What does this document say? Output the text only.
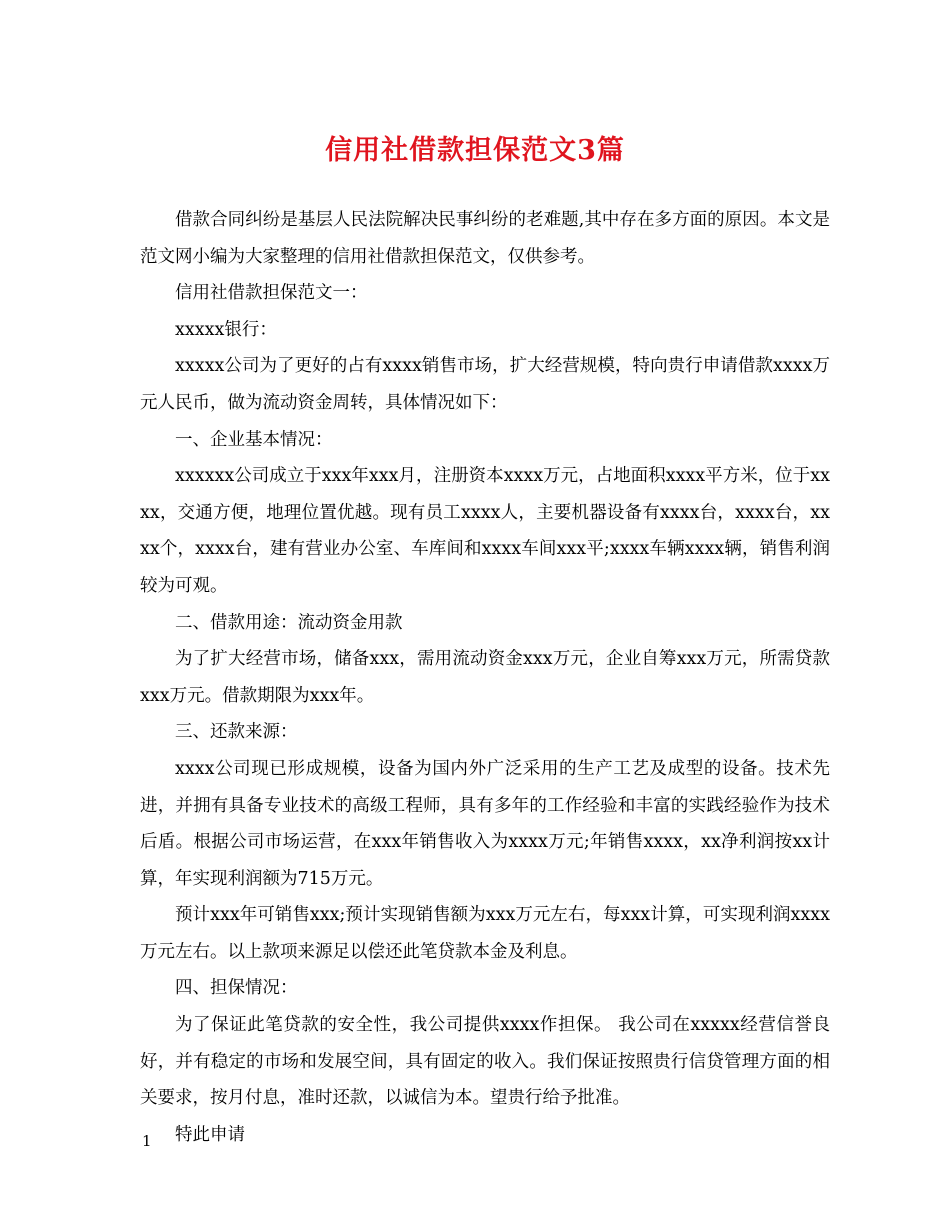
信用社借款担保范文3篇

借款合同纠纷是基层人民法院解决民事纠纷的老难题,其中存在多方面的原因。本文是范文网小编为大家整理的信用社借款担保范文，仅供参考。

信用社借款担保范文一：

xxxxx银行：

xxxxx公司为了更好的占有xxxx销售市场，扩大经营规模，特向贵行申请借款xxxx万元人民币，做为流动资金周转，具体情况如下：

一、企业基本情况：

xxxxxx公司成立于xxx年xxx月，注册资本xxxx万元，占地面积xxxx平方米，位于xxxx，交通方便，地理位置优越。现有员工xxxx人，主要机器设备有xxxx台，xxxx台，xxxx个，xxxx台，建有营业办公室、车库间和xxxx车间xxx平;xxxx车辆xxxx辆，销售利润较为可观。

二、借款用途：流动资金用款

为了扩大经营市场，储备xxx，需用流动资金xxx万元，企业自筹xxx万元，所需贷款xxx万元。借款期限为xxx年。

三、还款来源：

xxxx公司现已形成规模，设备为国内外广泛采用的生产工艺及成型的设备。技术先进，并拥有具备专业技术的高级工程师，具有多年的工作经验和丰富的实践经验作为技术后盾。根据公司市场运营，在xxx年销售收入为xxxx万元;年销售xxxx，xx净利润按xx计算，年实现利润额为715万元。

预计xxx年可销售xxx;预计实现销售额为xxx万元左右，每xxx计算，可实现利润xxxx万元左右。以上款项来源足以偿还此笔贷款本金及利息。

四、担保情况：

为了保证此笔贷款的安全性，我公司提供xxxx作担保。 我公司在xxxxx经营信誉良好，并有稳定的市场和发展空间，具有固定的收入。我们保证按照贵行信贷管理方面的相关要求，按月付息，准时还款，以诚信为本。望贵行给予批准。

特此申请

1
